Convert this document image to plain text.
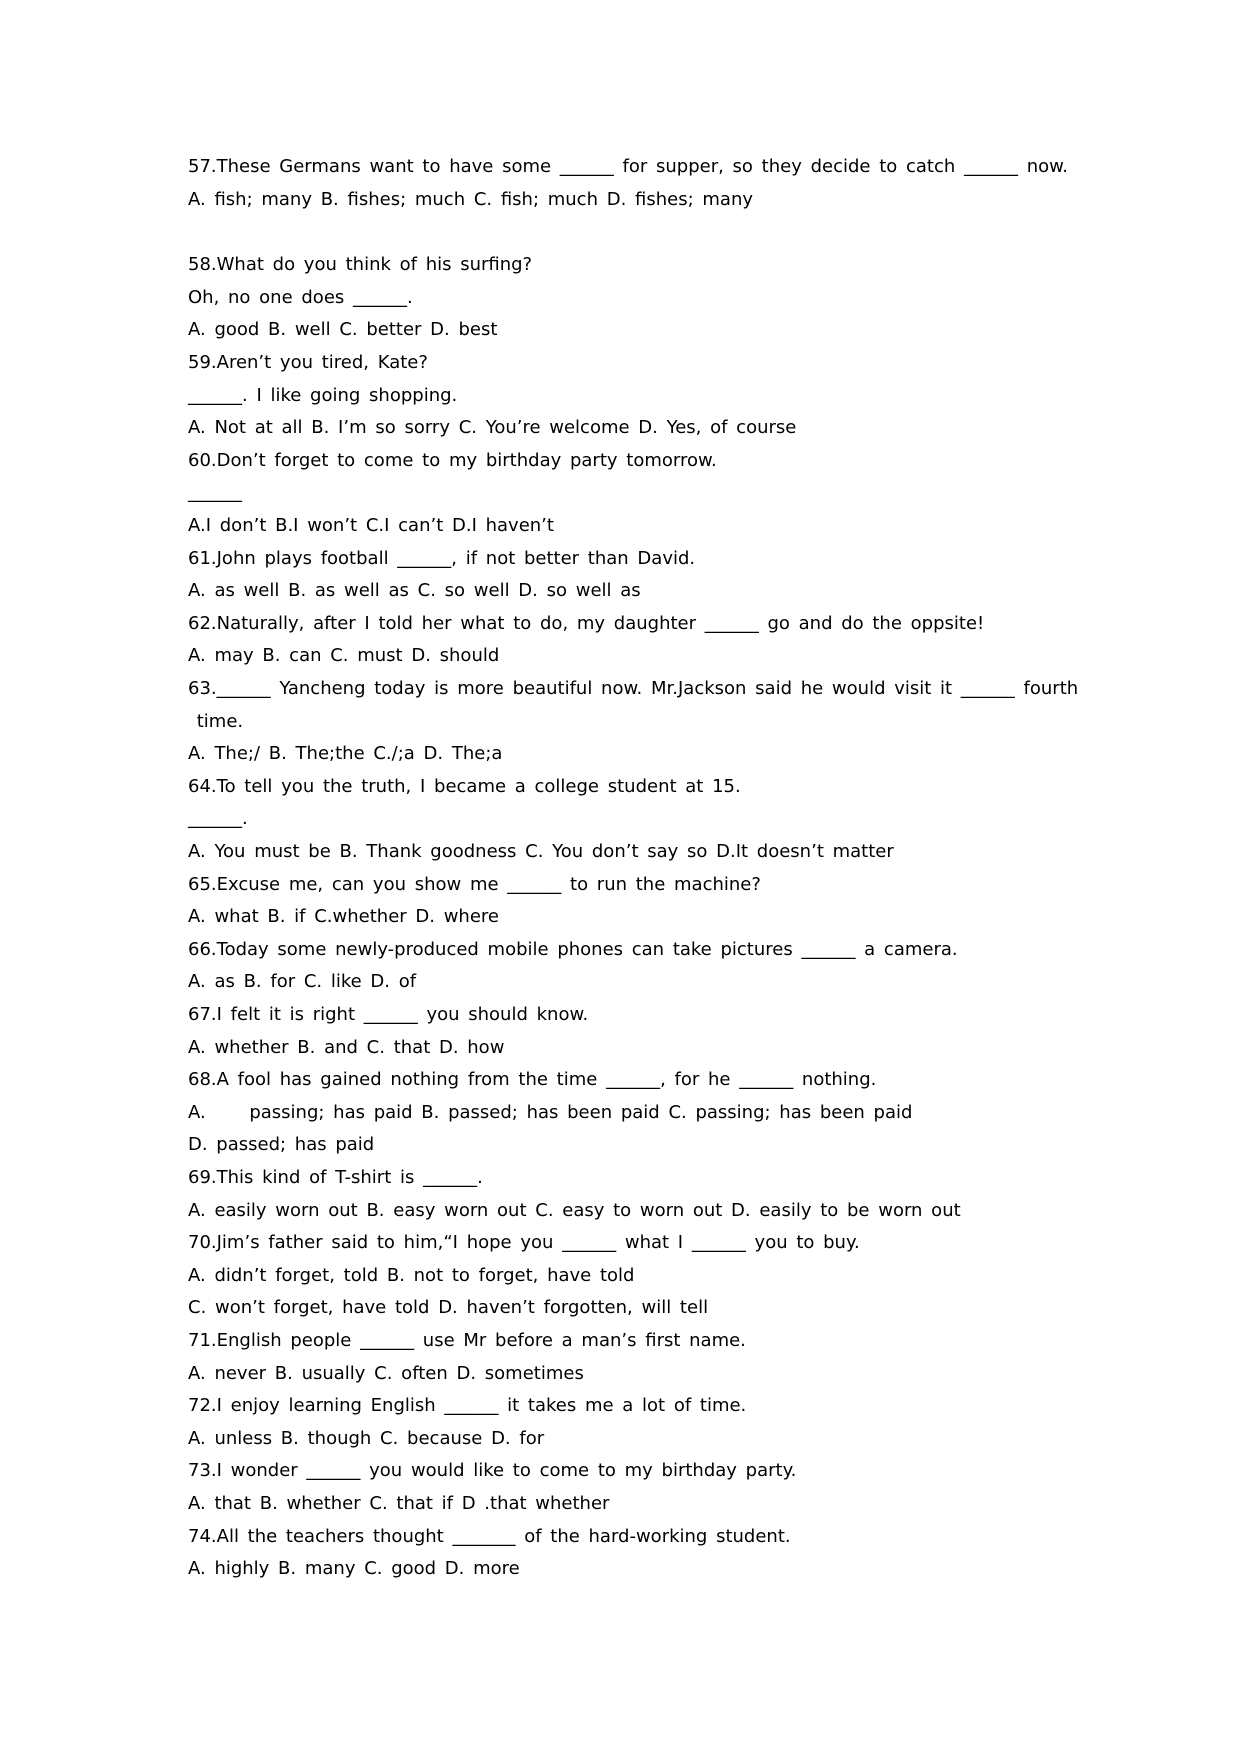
57.These Germans want to have some ______ for supper, so they decide to catch ______ now.
A. fish; many B. fishes; much C. fish; much D. fishes; many
58.What do you think of his surfing?
Oh, no one does ______.
A. good B. well C. better D. best
59.Aren’t you tired, Kate?
______. I like going shopping.
A. Not at all B. I’m so sorry C. You’re welcome D. Yes, of course
60.Don’t forget to come to my birthday party tomorrow.
______
A.I don’t B.I won’t C.I can’t D.I haven’t
61.John plays football ______, if not better than David.
A. as well B. as well as C. so well D. so well as
62.Naturally, after I told her what to do, my daughter ______ go and do the oppsite!
A. may B. can C. must D. should
63.______ Yancheng today is more beautiful now. Mr.Jackson said he would visit it ______ fourth
time.
A. The;/ B. The;the C./;a D. The;a
64.To tell you the truth, I became a college student at 15.
______.
A. You must be B. Thank goodness C. You don’t say so D.It doesn’t matter
65.Excuse me, can you show me ______ to run the machine?
A. what B. if C.whether D. where
66.Today some newly-produced mobile phones can take pictures ______ a camera.
A. as B. for C. like D. of
67.I felt it is right ______ you should know.
A. whether B. and C. that D. how
68.A fool has gained nothing from the time ______, for he ______ nothing.
A.     passing; has paid B. passed; has been paid C. passing; has been paid
D. passed; has paid
69.This kind of T-shirt is ______.
A. easily worn out B. easy worn out C. easy to worn out D. easily to be worn out
70.Jim’s father said to him,“I hope you ______ what I ______ you to buy.
A. didn’t forget, told B. not to forget, have told
C. won’t forget, have told D. haven’t forgotten, will tell
71.English people ______ use Mr before a man’s first name.
A. never B. usually C. often D. sometimes
72.I enjoy learning English ______ it takes me a lot of time.
A. unless B. though C. because D. for
73.I wonder ______ you would like to come to my birthday party.
A. that B. whether C. that if D .that whether
74.All the teachers thought _______ of the hard-working student.
A. highly B. many C. good D. more
